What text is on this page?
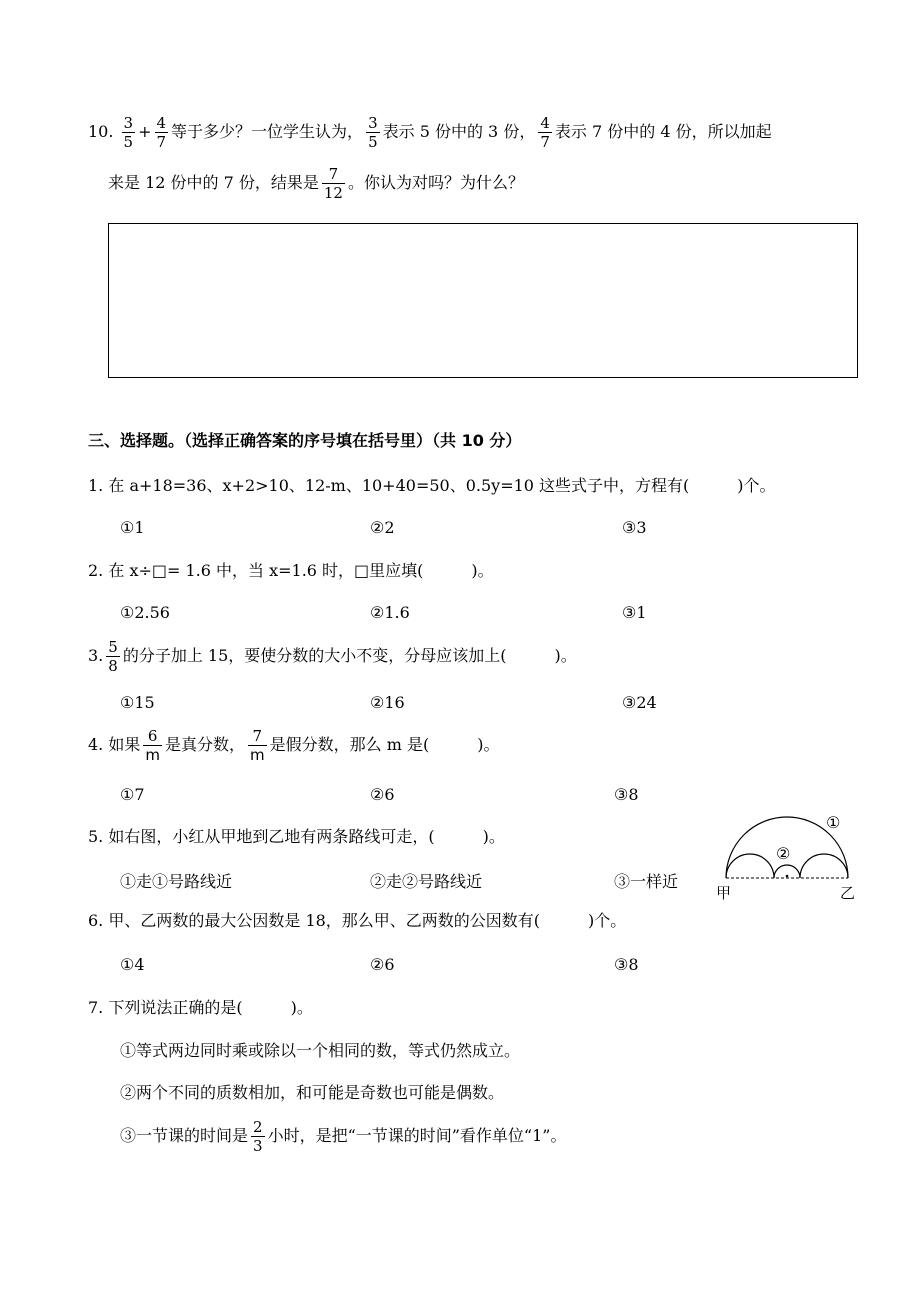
10. $\frac{3}{5} + \frac{4}{7}$ 等于多少？一位学生认为， $\frac{3}{5}$ 表示 5 份中的 3 份， $\frac{4}{7}$ 表示 7 份中的 4 份，所以加起
来是 12 份中的 7 份，结果是 $\frac{7}{12}$ 。你认为对吗？为什么？
三、选择题。（选择正确答案的序号填在括号里）（共 10 分）
1. 在 a+18=36、x+2>10、12-m、10+40=50、0.5y=10 这些式子中，方程有(　　　)个。
①1	②2	③3
2. 在 x÷□= 1.6 中，当 x=1.6 时，□里应填(　　　)。
①2.56	②1.6	③1
3. $\frac{5}{8}$ 的分子加上 15，要使分数的大小不变，分母应该加上(　　　)。
①15	②16	③24
4. 如果 $\frac{6}{m}$ 是真分数， $\frac{7}{m}$ 是假分数，那么 m 是(　　　)。
①7	②6	③8
5. 如右图，小红从甲地到乙地有两条路线可走，(　　　)。
①走①号路线近	②走②号路线近	③一样近
①
②
甲	乙
6. 甲、乙两数的最大公因数是 18，那么甲、乙两数的公因数有(　　　)个。
①4	②6	③8
7. 下列说法正确的是(　　　)。
①等式两边同时乘或除以一个相同的数，等式仍然成立。
②两个不同的质数相加，和可能是奇数也可能是偶数。
③一节课的时间是 $\frac{2}{3}$ 小时，是把“一节课的时间”看作单位“1”。
